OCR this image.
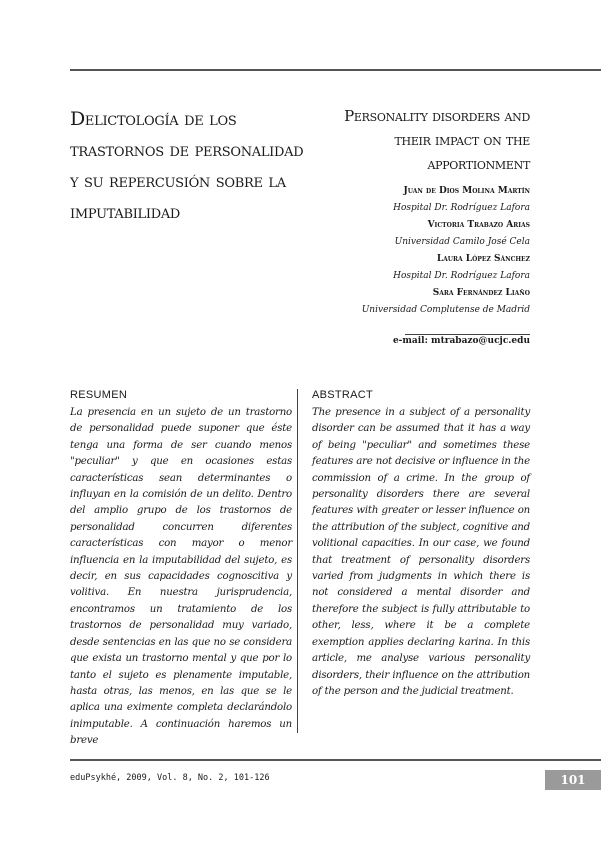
Delictología de los trastornos de personalidad y su repercusión sobre la imputabilidad
Personality disorders and their impact on the apportionment
Juan de Dios Molina Martín
Hospital Dr. Rodríguez Lafora
Victoria Trabazo Arias
Universidad Camilo José Cela
Laura López Sánchez
Hospital Dr. Rodríguez Lafora
Sara Fernández Liaño
Universidad Complutense de Madrid
e-mail: mtrabazo@ucjc.edu
RESUMEN	ABSTRACT
La presencia en un sujeto de un trastorno de personalidad puede suponer que éste tenga una forma de ser cuando menos "peculiar" y que en ocasiones estas características sean determinantes o influyan en la comisión de un delito. Dentro del amplio grupo de los trastornos de personalidad concurren diferentes características con mayor o menor influencia en la imputabilidad del sujeto, es decir, en sus capacidades cognoscitiva y volitiva. En nuestra jurisprudencia, encontramos un tratamiento de los trastornos de personalidad muy variado, desde sentencias en las que no se considera que exista un trastorno mental y que por lo tanto el sujeto es plenamente imputable, hasta otras, las menos, en las que se le aplica una eximente completa declarándolo inimputable. A continuación haremos un breve
The presence in a subject of a personality disorder can be assumed that it has a way of being "peculiar" and sometimes these features are not decisive or influence in the commission of a crime. In the group of personality disorders there are several features with greater or lesser influence on the attribution of the subject, cognitive and volitional capacities. In our case, we found that treatment of personality disorders varied from judgments in which there is not considered a mental disorder and therefore the subject is fully attributable to other, less, where it be a complete exemption applies declaring karina. In this article, me analyse various personality disorders, their influence on the attribution of the person and the judicial treatment.
eduPsykhé, 2009, Vol. 8, No. 2, 101-126	101
